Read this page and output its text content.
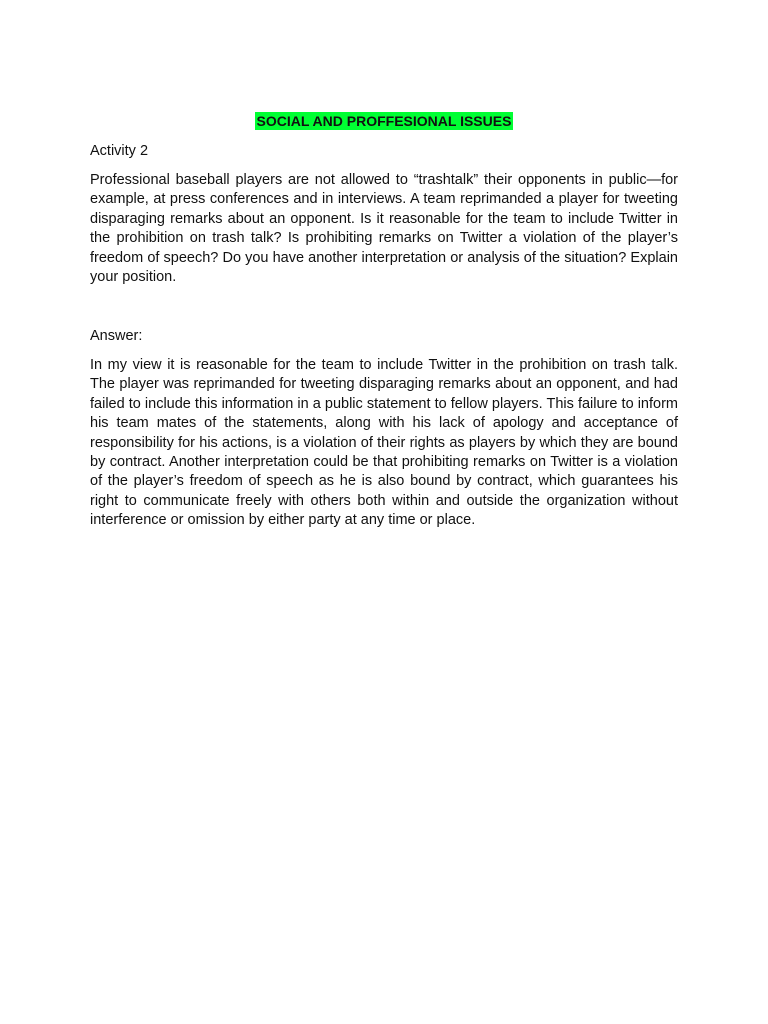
SOCIAL AND PROFFESIONAL ISSUES

Activity 2

Professional baseball players are not allowed to “trashtalk” their opponents in public—for example, at press conferences and in interviews. A team reprimanded a player for tweeting disparaging remarks about an opponent. Is it reasonable for the team to include Twitter in the prohibition on trash talk? Is prohibiting remarks on Twitter a violation of the player’s freedom of speech? Do you have another interpretation or analysis of the situation? Explain your position.

Answer:

In my view it is reasonable for the team to include Twitter in the prohibition on trash talk. The player was reprimanded for tweeting disparaging remarks about an opponent, and had failed to include this information in a public statement to fellow players. This failure to inform his team mates of the statements, along with his lack of apology and acceptance of responsibility for his actions, is a violation of their rights as players by which they are bound by contract. Another interpretation could be that prohibiting remarks on Twitter is a violation of the player’s freedom of speech as he is also bound by contract, which guarantees his right to communicate freely with others both within and outside the organization without interference or omission by either party at any time or place.
